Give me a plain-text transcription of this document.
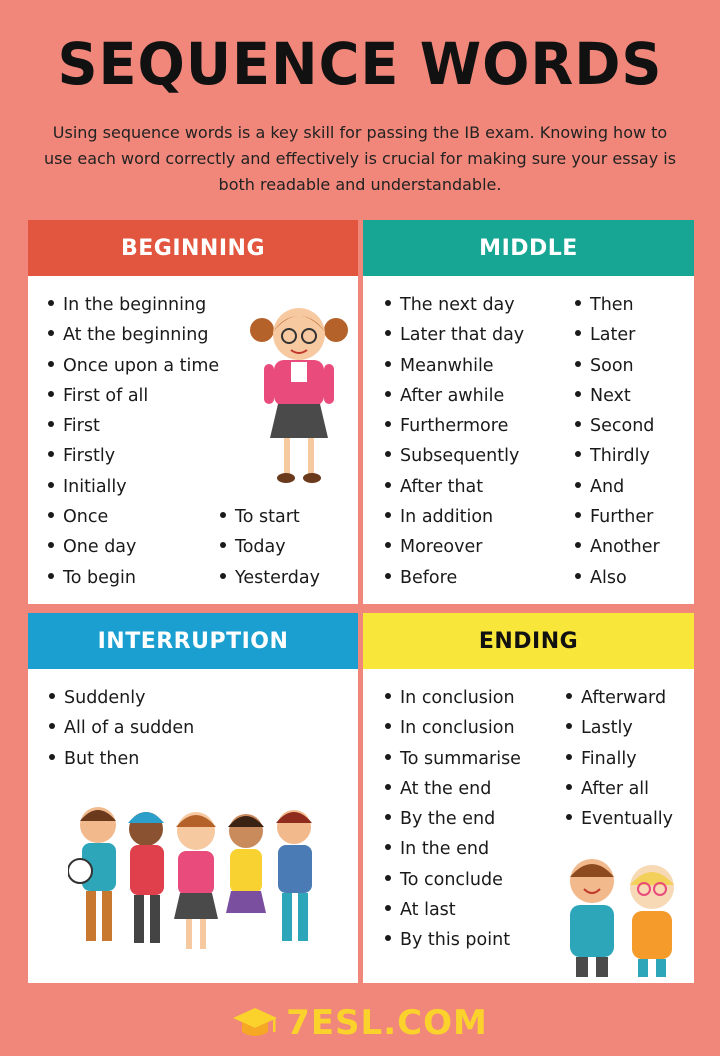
SEQUENCE WORDS
Using sequence words is a key skill for passing the IB exam. Knowing how to use each word correctly and effectively is crucial for making sure your essay is both readable and understandable.
BEGINNING
In the beginning
At the beginning
Once upon a time
First of all
First
Firstly
Initially
Once
One day
To begin
To start
Today
Yesterday
MIDDLE
The next day
Later that day
Meanwhile
After awhile
Furthermore
Subsequently
After that
In addition
Moreover
Before
Then
Later
Soon
Next
Second
Thirdly
And
Further
Another
Also
INTERRUPTION
Suddenly
All of a sudden
But then
ENDING
In conclusion
In conclusion
To summarise
At the end
By the end
In the end
To conclude
At last
By this point
Afterward
Lastly
Finally
After all
Eventually
7ESL.COM
